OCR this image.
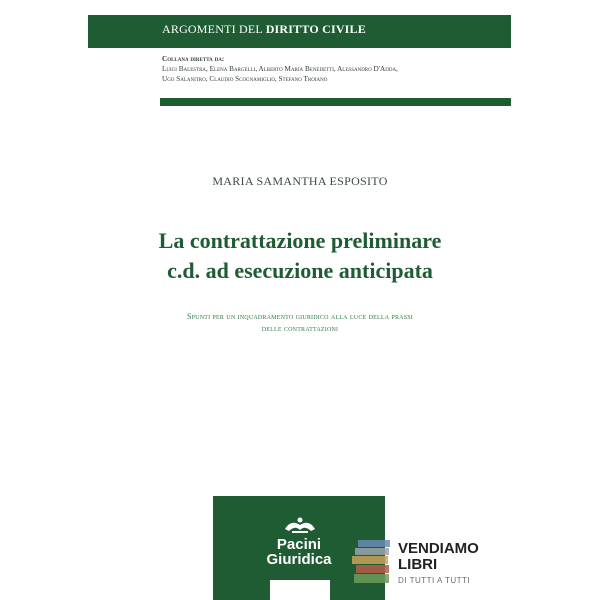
ARGOMENTI DEL DIRITTO CIVILE
Collana diretta da:
Luigi Balestra, Elena Bargelli, Alberto Maria Benedetti, Alessandro D'Adda,
Ugo Salanitro, Claudio Scognamiglio, Stefano Troiano
MARIA SAMANTHA ESPOSITO
La contrattazione preliminare
c.d. ad esecuzione anticipata
Spunti per un inquadramento giuridico alla luce della prassi
delle contrattazioni
Pacini
Giuridica
VENDIAMO
LIBRI
DI TUTTI A TUTTI
